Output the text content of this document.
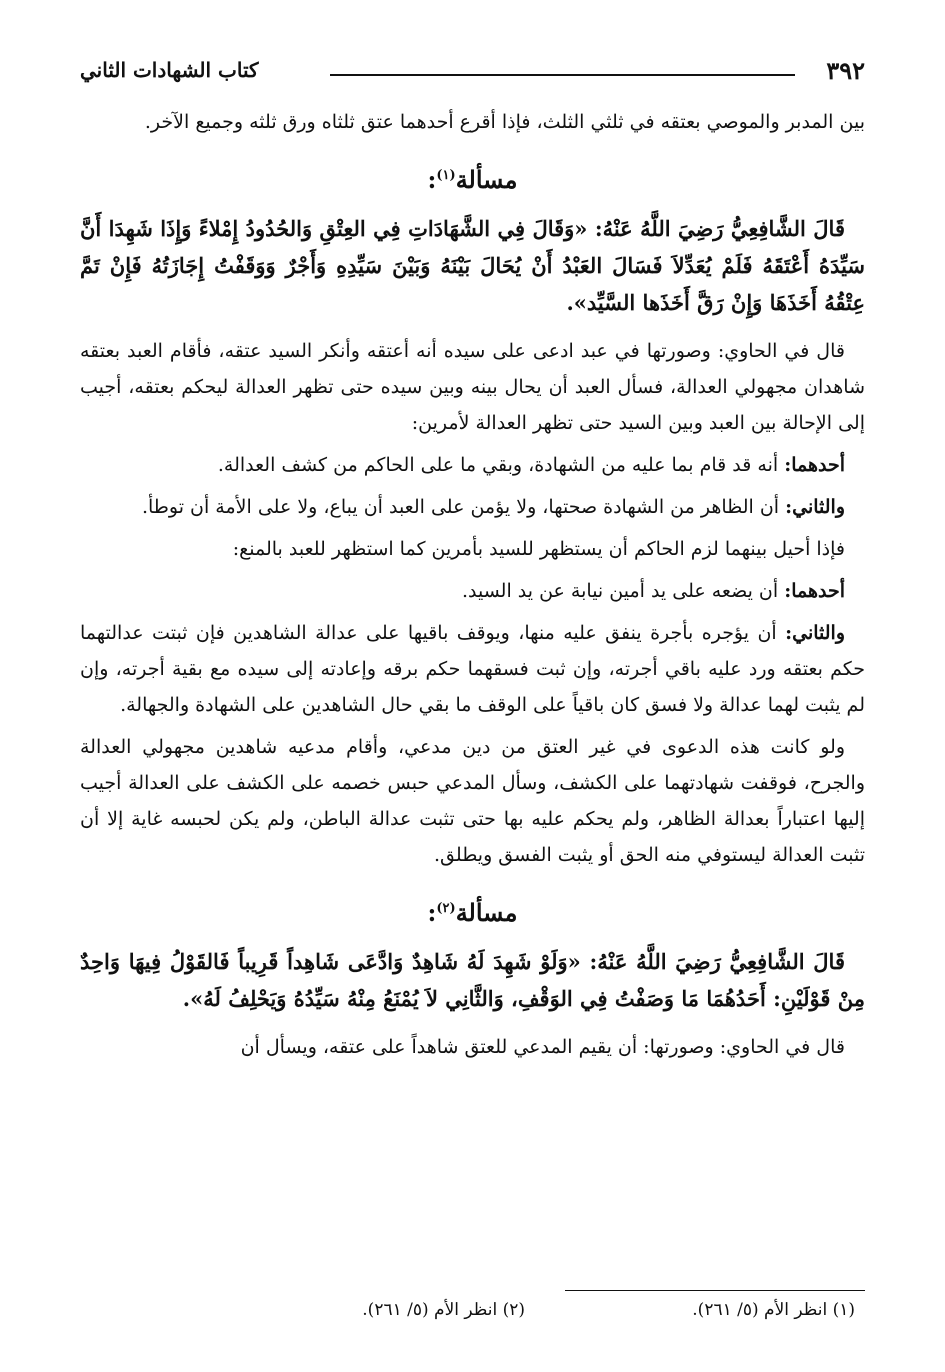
٣٩٢
كتاب الشهادات الثاني

بين المدبر والموصي بعتقه في ثلثي الثلث، فإذا أقرع أحدهما عتق ثلثاه ورق ثلثه وجميع الآخر.

مسألة$^{(١)}$:

قَالَ الشَّافِعِيُّ رَضِيَ اللَّهُ عَنْهُ: «وَقَالَ فِي الشَّهَادَاتِ فِي العِتْقِ وَالحُدُودُ إِمْلاءً وَإِذَا شَهِدَا أَنَّ سَيِّدَهُ أَعْتَقَهُ فَلَمْ يُعَدِّلاَ فَسَالَ العَبْدُ أَنْ يُحَالَ بَيْنَهُ وَبَيْنَ سَيِّدِهِ وَأَجْرٌ وَوَقَفْتُ إِجَازَتُهُ فَإِنْ تَمَّ عِتْقُهُ أَخَذَهَا وَإِنْ رَقَّ أَخَذَها السَّيِّد».

قال في الحاوي: وصورتها في عبد ادعى على سيده أنه أعتقه وأنكر السيد عتقه، فأقام العبد بعتقه شاهدان مجهولي العدالة، فسأل العبد أن يحال بينه وبين سيده حتى تظهر العدالة ليحكم بعتقه، أجيب إلى الإحالة بين العبد وبين السيد حتى تظهر العدالة لأمرين:

أحدهما: أنه قد قام بما عليه من الشهادة، وبقي ما على الحاكم من كشف العدالة.

والثاني: أن الظاهر من الشهادة صحتها، ولا يؤمن على العبد أن يباع، ولا على الأمة أن توطأ.

فإذا أحيل بينهما لزم الحاكم أن يستظهر للسيد بأمرين كما استظهر للعبد بالمنع:

أحدهما: أن يضعه على يد أمين نيابة عن يد السيد.

والثاني: أن يؤجره بأجرة ينفق عليه منها، ويوقف باقيها على عدالة الشاهدين فإن ثبتت عدالتهما حكم بعتقه ورد عليه باقي أجرته، وإن ثبت فسقهما حكم برقه وإعادته إلى سيده مع بقية أجرته، وإن لم يثبت لهما عدالة ولا فسق كان باقياً على الوقف ما بقي حال الشاهدين على الشهادة والجهالة.

ولو كانت هذه الدعوى في غير العتق من دين مدعي، وأقام مدعيه شاهدين مجهولي العدالة والجرح، فوقفت شهادتهما على الكشف، وسأل المدعي حبس خصمه على الكشف على العدالة أجيب إليها اعتباراً بعدالة الظاهر، ولم يحكم عليه بها حتى تثبت عدالة الباطن، ولم يكن لحبسه غاية إلا أن تثبت العدالة ليستوفي منه الحق أو يثبت الفسق ويطلق.

مسألة$^{(٢)}$:

قَالَ الشَّافِعِيُّ رَضِيَ اللَّهُ عَنْهُ: «وَلَوْ شَهِدَ لَهُ شَاهِدٌ وَادَّعَى شَاهِداً قَرِيباً فَالقَوْلُ فِيهَا وَاحِدٌ مِنْ قَوْلَيْنِ: أَحَدُهُمَا مَا وَصَفْتُ فِي الوَقْفِ، وَالثَّانِي لاَ يُمْنَعُ مِنْهُ سَيِّدُهُ وَيَحْلِفُ لَهُ».

قال في الحاوي: وصورتها: أن يقيم المدعي للعتق شاهداً على عتقه، ويسأل أن

(١) انظر الأم (٥/ ٢٦١).
(٢) انظر الأم (٥/ ٢٦١).
